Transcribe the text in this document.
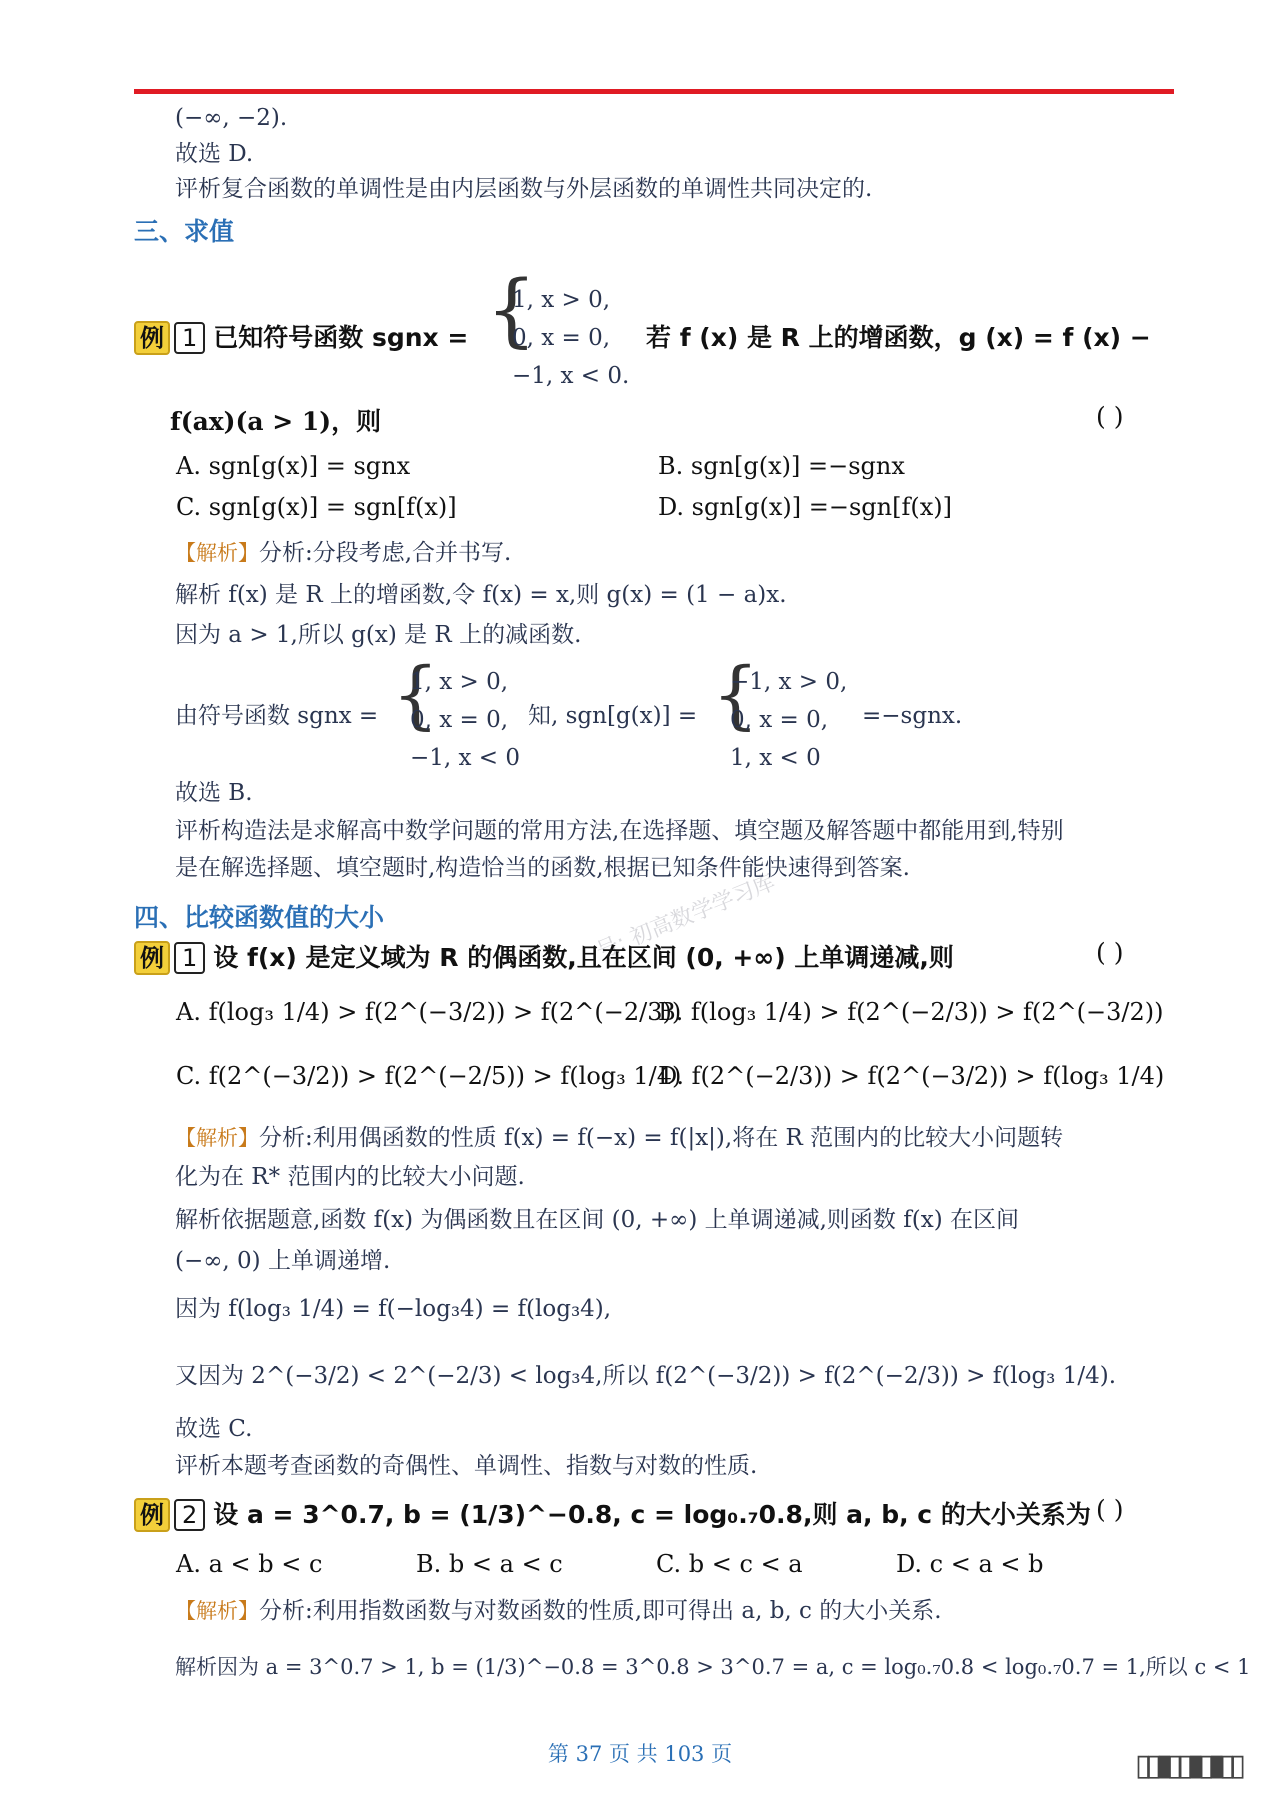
号: 初高数学学习库
(−∞, −2).
故选 D.
评析复合函数的单调性是由内层函数与外层函数的单调性共同决定的.
三、求值
例 1 已知符号函数 sgnx = {
1, x > 0,
0, x = 0,
−1, x < 0.
若 f (x) 是 R 上的增函数，g (x) = f (x) −
f(ax)(a > 1)，则	( )
A. sgn[g(x)] = sgnx	B. sgn[g(x)] =−sgnx
C. sgn[g(x)] = sgn[f(x)]	D. sgn[g(x)] =−sgn[f(x)]
【解析】分析:分段考虑,合并书写.
解析 f(x) 是 R 上的增函数,令 f(x) = x,则 g(x) = (1 − a)x.
因为 a > 1,所以 g(x) 是 R 上的减函数.
由符号函数 sgnx = {
1, x > 0,
0, x = 0,
−1, x < 0
知, sgn[g(x)] = {
−1, x > 0,
0, x = 0,
1, x < 0
=−sgnx.
故选 B.
评析构造法是求解高中数学问题的常用方法,在选择题、填空题及解答题中都能用到,特别
是在解选择题、填空题时,构造恰当的函数,根据已知条件能快速得到答案.
四、比较函数值的大小
例 1 设 f(x) 是定义域为 R 的偶函数,且在区间 (0, +∞) 上单调递减,则	( )
A. f(log₃ 1/4) > f(2^(−3/2)) > f(2^(−2/3))
B. f(log₃ 1/4) > f(2^(−2/3)) > f(2^(−3/2))
C. f(2^(−3/2)) > f(2^(−2/5)) > f(log₃ 1/4)
D. f(2^(−2/3)) > f(2^(−3/2)) > f(log₃ 1/4)
【解析】分析:利用偶函数的性质 f(x) = f(−x) = f(|x|),将在 R 范围内的比较大小问题转
化为在 R* 范围内的比较大小问题.
解析依据题意,函数 f(x) 为偶函数且在区间 (0, +∞) 上单调递减,则函数 f(x) 在区间
(−∞, 0) 上单调递增.
因为 f(log₃ 1/4) = f(−log₃4) = f(log₃4),
又因为 2^(−3/2) < 2^(−2/3) < log₃4,所以 f(2^(−3/2)) > f(2^(−2/3)) > f(log₃ 1/4).
故选 C.
评析本题考查函数的奇偶性、单调性、指数与对数的性质.
例 2 设 a = 3^0.7, b = (1/3)^−0.8, c = log₀.₇0.8,则 a, b, c 的大小关系为 ( )
A. a < b < c	B. b < a < c	C. b < c < a	D. c < a < b
【解析】分析:利用指数函数与对数函数的性质,即可得出 a, b, c 的大小关系.
解析因为 a = 3^0.7 > 1, b = (1/3)^−0.8 = 3^0.8 > 3^0.7 = a, c = log₀.₇0.8 < log₀.₇0.7 = 1,所以 c < 1
第 37 页 共 103 页	▯▯▮▯▯▮▯▮▯▯
